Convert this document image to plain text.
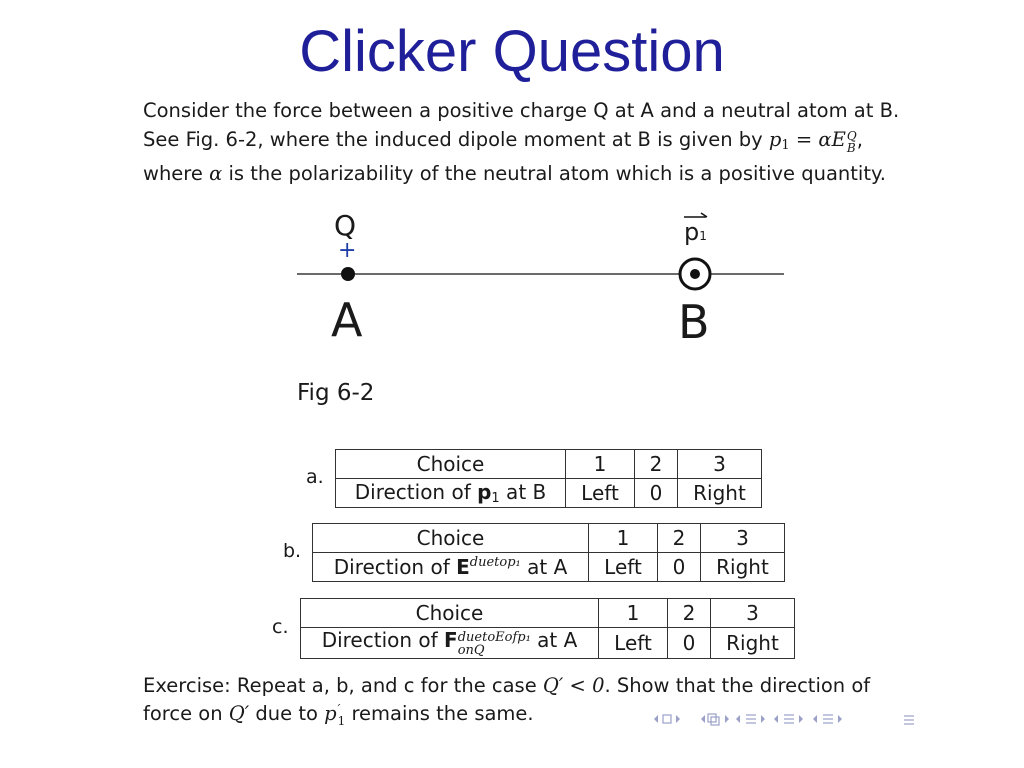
Clicker Question
Consider the force between a positive charge Q at A and a neutral atom at B.
See Fig. 6-2, where the induced dipole moment at B is given by p1 = αE Q
B ,
where α is the polarizability of the neutral atom which is a positive quantity.
Q
+
A	B
p1
Fig 6-2
a.
Choice	1	2	3
Direction of p1 at B	Left	0	Right
b.
Choice	1	2	3
Direction of $E^{duetop_1}$ at A	Left	0	Right
c.
Choice	1	2	3
Direction of F duetoEofp₁
onQ at A	Left	0	Right
Exercise: Repeat a, b, and c for the case Q′ < 0. Show that the direction of
force on Q′ due to p ′
1 remains the same.
